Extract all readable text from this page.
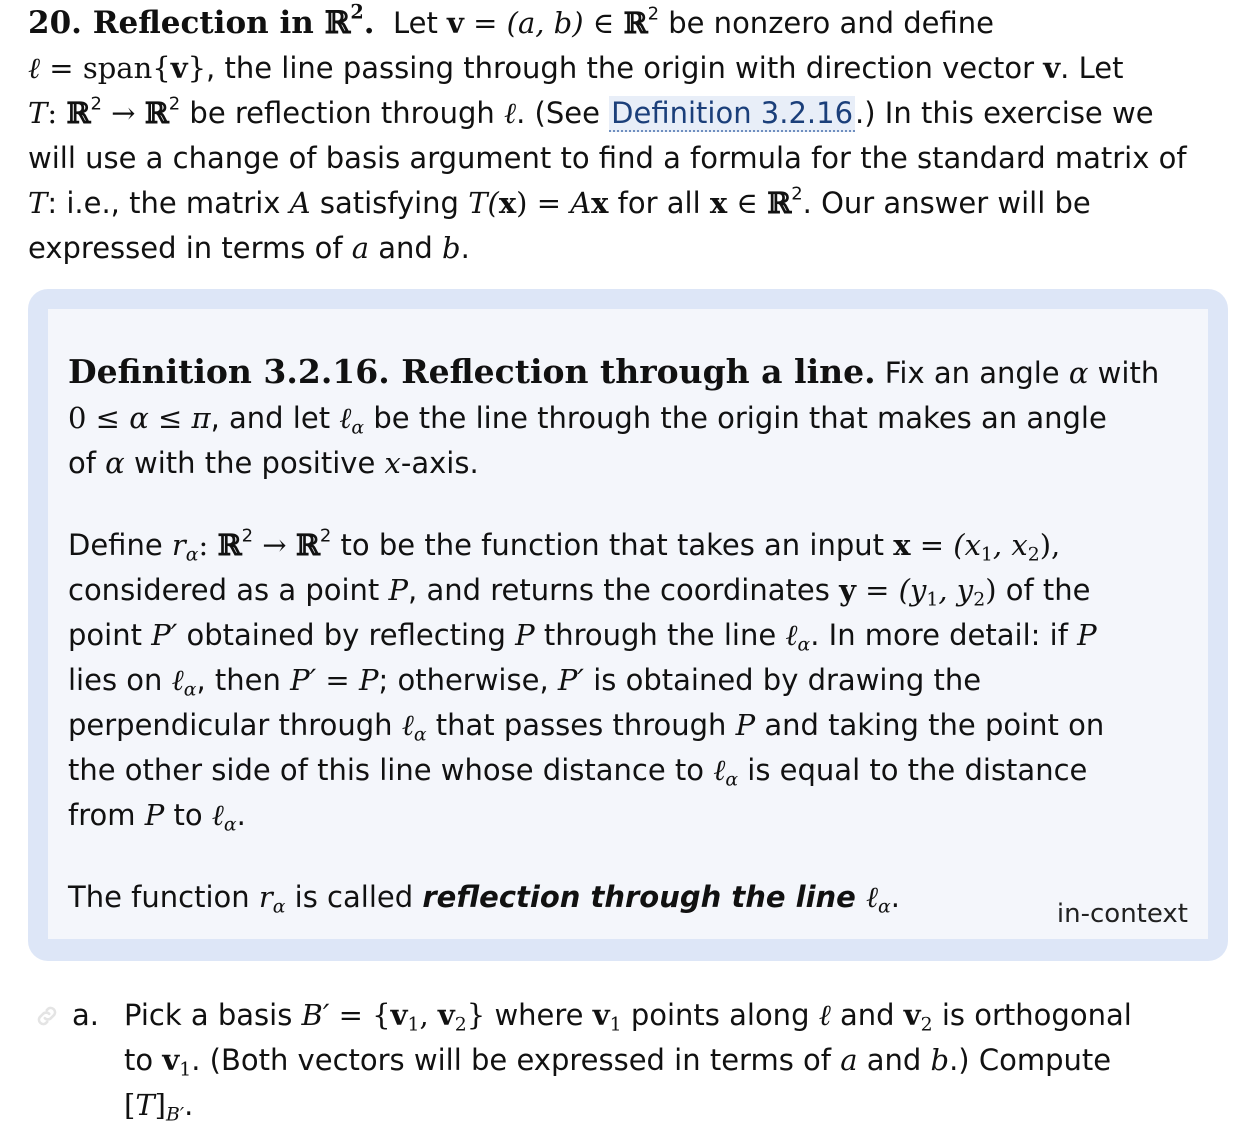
20. Reflection in ℝ$^2$. Let v = (a, b) ∈ ℝ$^2$ be nonzero and define
ℓ = span{v}, the line passing through the origin with direction vector v. Let
T: ℝ$^2$ → ℝ$^2$ be reflection through ℓ. (See Definition 3.2.16.) In this exercise we
will use a change of basis argument to find a formula for the standard matrix of
T: i.e., the matrix A satisfying T(x) = Ax for all x ∈ ℝ$^2$. Our answer will be
expressed in terms of a and b.

Definition 3.2.16. Reflection through a line. Fix an angle α with
0 ≤ α ≤ π, and let ℓ$_\alpha$ be the line through the origin that makes an angle
of α with the positive x-axis.

Define $r_\alpha$: ℝ$^2$ → ℝ$^2$ to be the function that takes an input $x = (x_1$, $x_2$),
considered as a point P, and returns the coordinates $y = (y_1$, $y_2$) of the
point P′ obtained by reflecting P through the line ℓ$_\alpha$. In more detail: if P
lies on ℓ$_\alpha$, then P′ = P; otherwise, P′ is obtained by drawing the
perpendicular through ℓ$_\alpha$ that passes through P and taking the point on
the other side of this line whose distance to ℓ$_\alpha$ is equal to the distance
from P to ℓ$_\alpha$.

The function $r_\alpha$ is called reflection through the line ℓ$_\alpha$.	in-context
a. Pick a basis $B' = \{v_1$, $v_2$} where $v_1$ points along ℓ and $v_2$ is orthogonal
to $v_1$. (Both vectors will be expressed in terms of a and b.) Compute
$[T]_{B'}$.
